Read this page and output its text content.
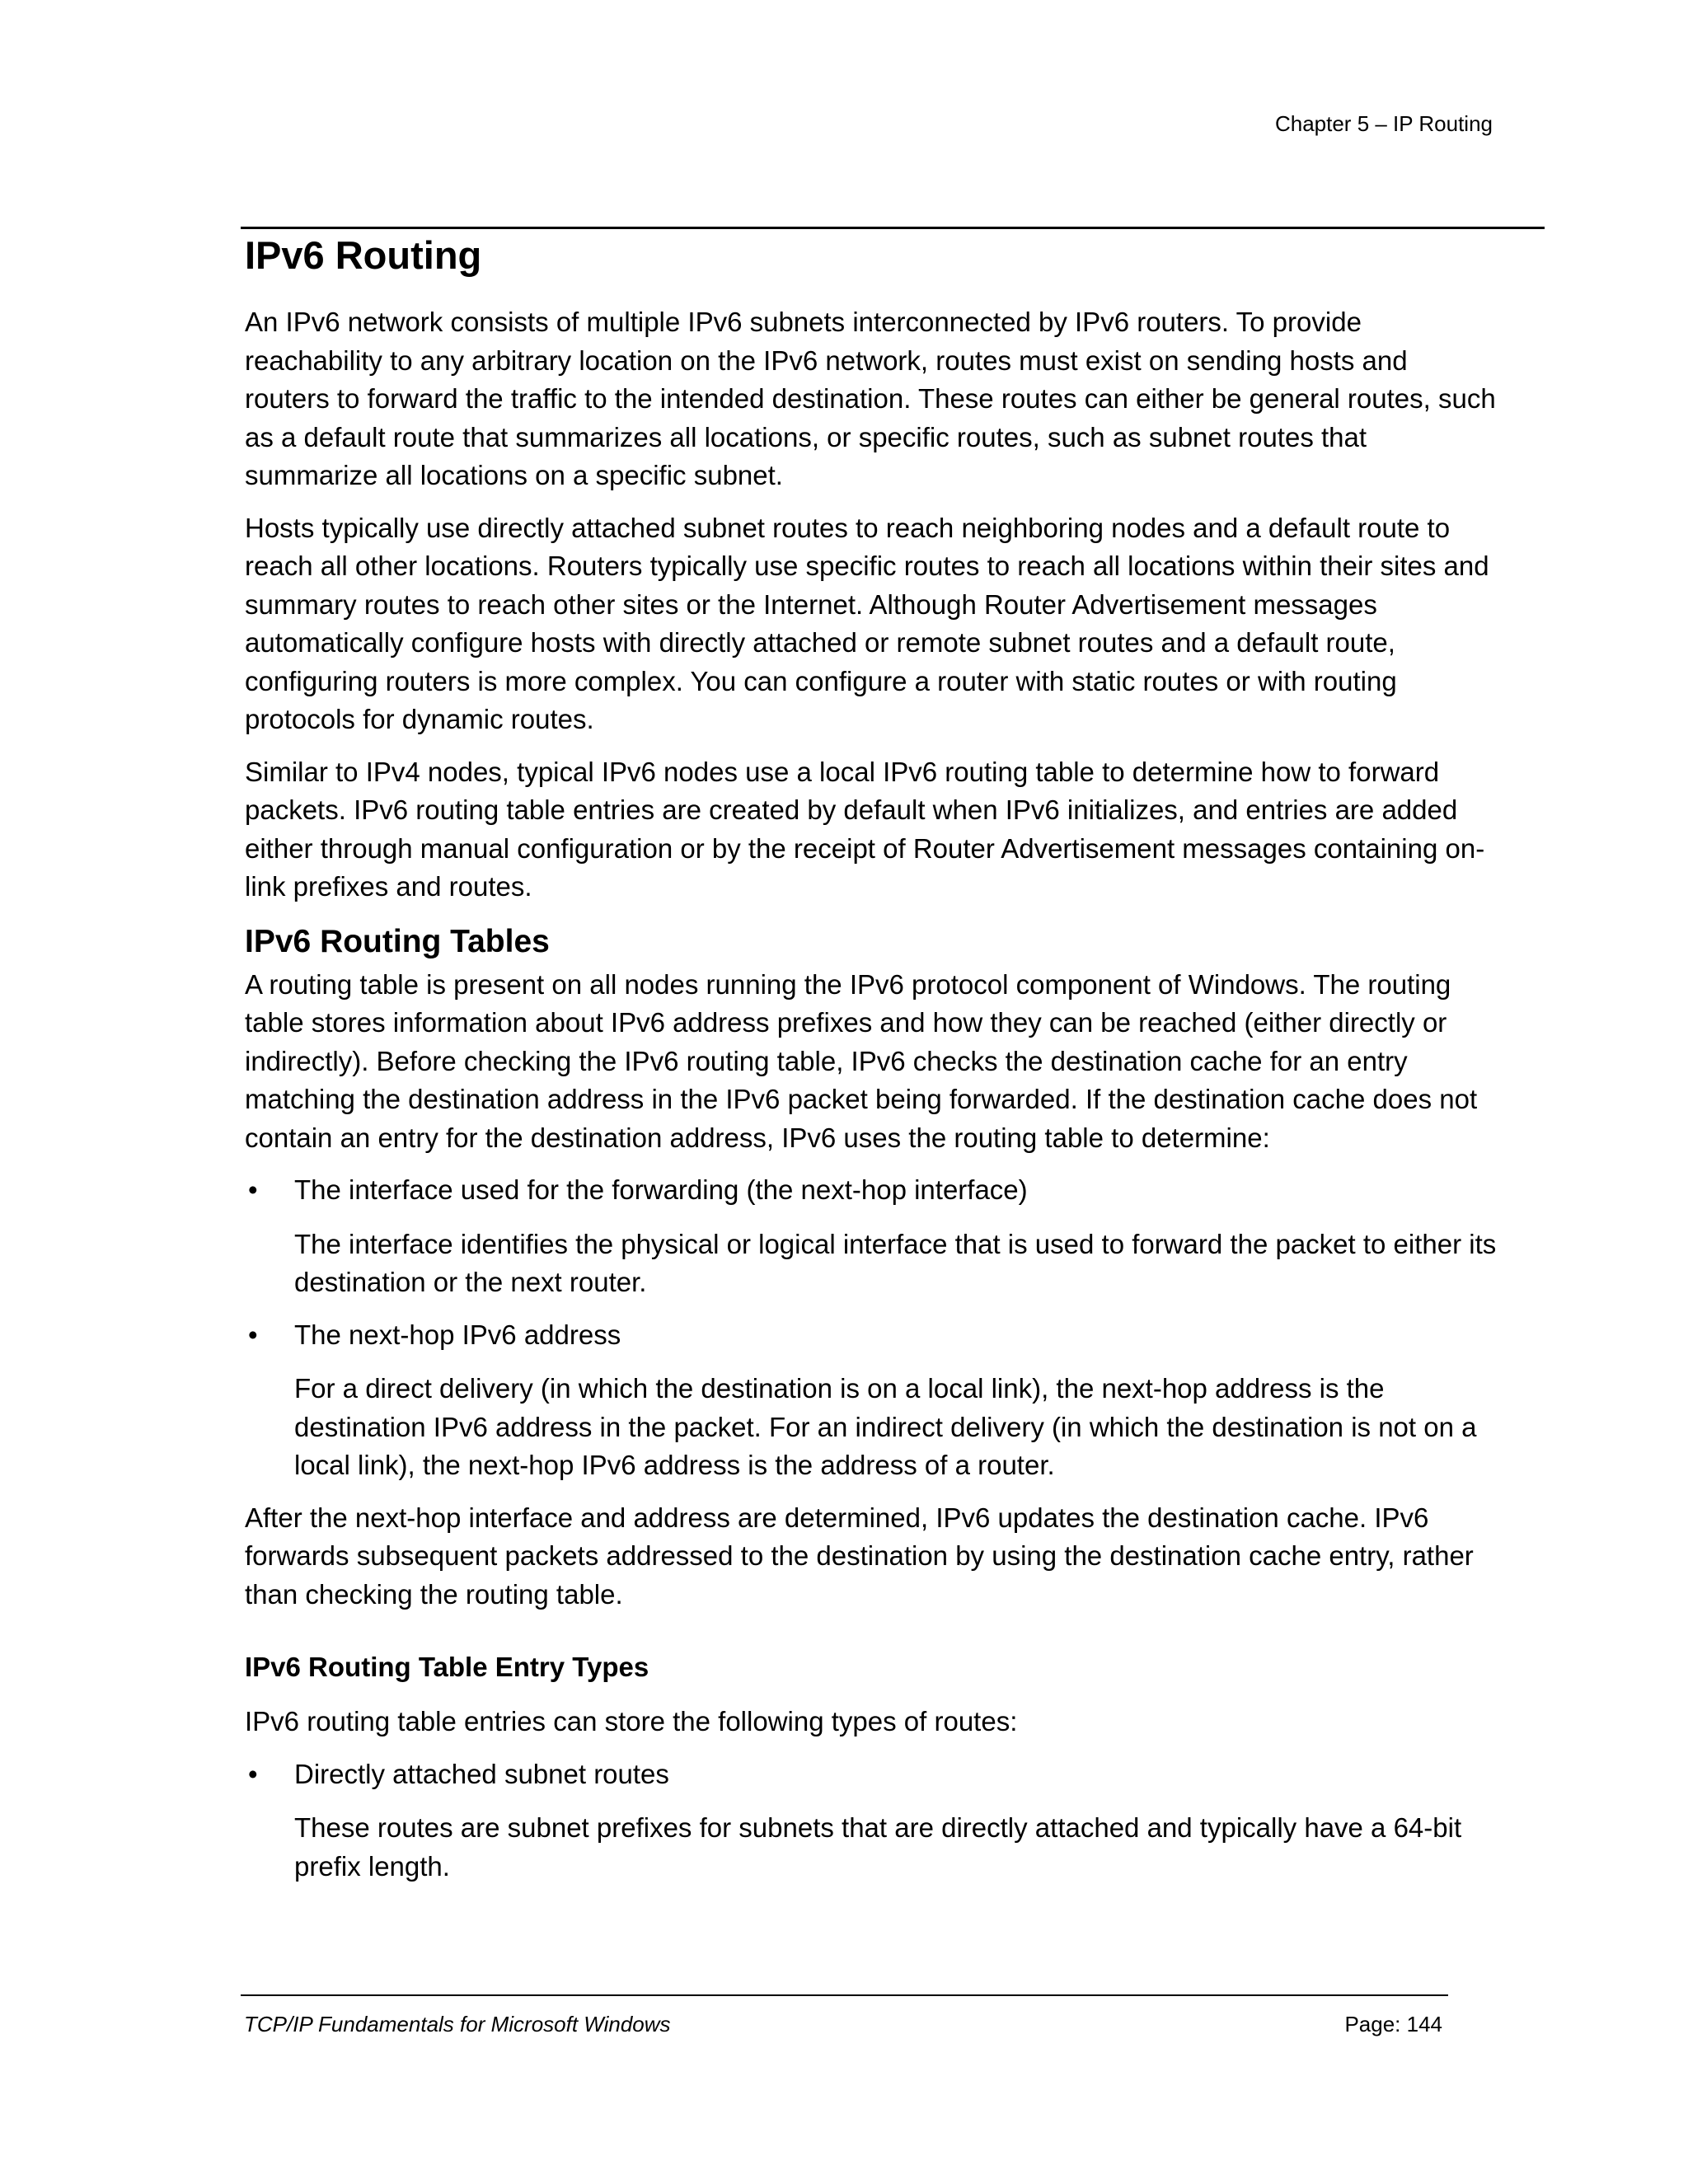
Chapter 5 – IP Routing
IPv6 Routing

An IPv6 network consists of multiple IPv6 subnets interconnected by IPv6 routers. To provide reachability to any arbitrary location on the IPv6 network, routes must exist on sending hosts and routers to forward the traffic to the intended destination. These routes can either be general routes, such as a default route that summarizes all locations, or specific routes, such as subnet routes that summarize all locations on a specific subnet.

Hosts typically use directly attached subnet routes to reach neighboring nodes and a default route to reach all other locations. Routers typically use specific routes to reach all locations within their sites and summary routes to reach other sites or the Internet. Although Router Advertisement messages automatically configure hosts with directly attached or remote subnet routes and a default route, configuring routers is more complex. You can configure a router with static routes or with routing protocols for dynamic routes.

Similar to IPv4 nodes, typical IPv6 nodes use a local IPv6 routing table to determine how to forward packets. IPv6 routing table entries are created by default when IPv6 initializes, and entries are added either through manual configuration or by the receipt of Router Advertisement messages containing on-link prefixes and routes.

IPv6 Routing Tables

A routing table is present on all nodes running the IPv6 protocol component of Windows. The routing table stores information about IPv6 address prefixes and how they can be reached (either directly or indirectly). Before checking the IPv6 routing table, IPv6 checks the destination cache for an entry matching the destination address in the IPv6 packet being forwarded. If the destination cache does not contain an entry for the destination address, IPv6 uses the routing table to determine:

• The interface used for the forwarding (the next-hop interface)

The interface identifies the physical or logical interface that is used to forward the packet to either its destination or the next router.

• The next-hop IPv6 address

For a direct delivery (in which the destination is on a local link), the next-hop address is the destination IPv6 address in the packet. For an indirect delivery (in which the destination is not on a local link), the next-hop IPv6 address is the address of a router.

After the next-hop interface and address are determined, IPv6 updates the destination cache. IPv6 forwards subsequent packets addressed to the destination by using the destination cache entry, rather than checking the routing table.

IPv6 Routing Table Entry Types

IPv6 routing table entries can store the following types of routes:

• Directly attached subnet routes

These routes are subnet prefixes for subnets that are directly attached and typically have a 64-bit prefix length.

TCP/IP Fundamentals for Microsoft Windows	Page: 144
